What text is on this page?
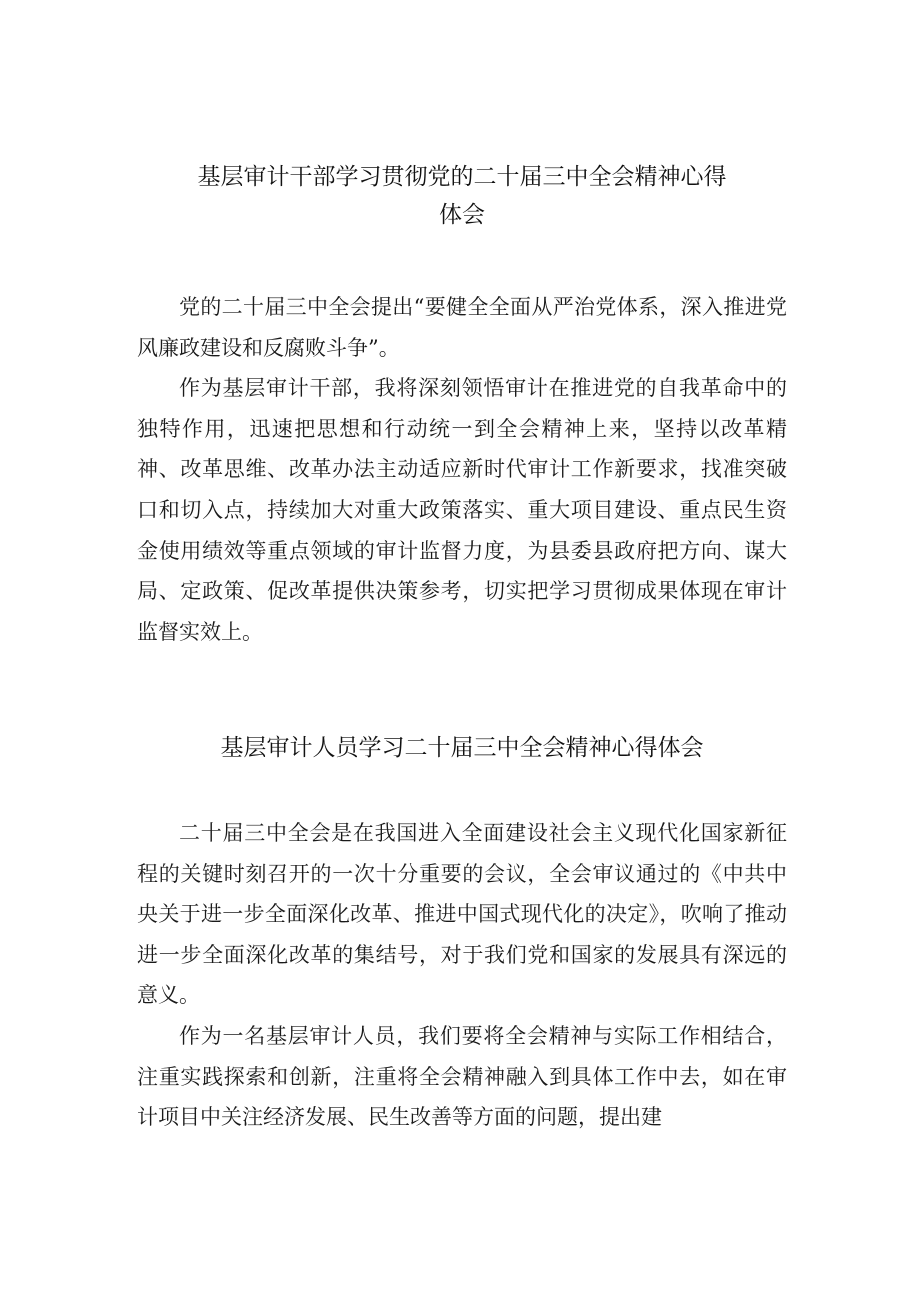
基层审计干部学习贯彻党的二十届三中全会精神心得
体会

党的二十届三中全会提出“要健全全面从严治党体系，深入推进党风廉政建设和反腐败斗争”。

作为基层审计干部，我将深刻领悟审计在推进党的自我革命中的独特作用，迅速把思想和行动统一到全会精神上来，坚持以改革精神、改革思维、改革办法主动适应新时代审计工作新要求，找准突破口和切入点，持续加大对重大政策落实、重大项目建设、重点民生资金使用绩效等重点领域的审计监督力度，为县委县政府把方向、谋大局、定政策、促改革提供决策参考，切实把学习贯彻成果体现在审计监督实效上。

基层审计人员学习二十届三中全会精神心得体会

二十届三中全会是在我国进入全面建设社会主义现代化国家新征程的关键时刻召开的一次十分重要的会议，全会审议通过的《中共中央关于进一步全面深化改革、推进中国式现代化的决定》，吹响了推动进一步全面深化改革的集结号，对于我们党和国家的发展具有深远的意义。

作为一名基层审计人员，我们要将全会精神与实际工作相结合，注重实践探索和创新，注重将全会精神融入到具体工作中去，如在审计项目中关注经济发展、民生改善等方面的问题，提出建
